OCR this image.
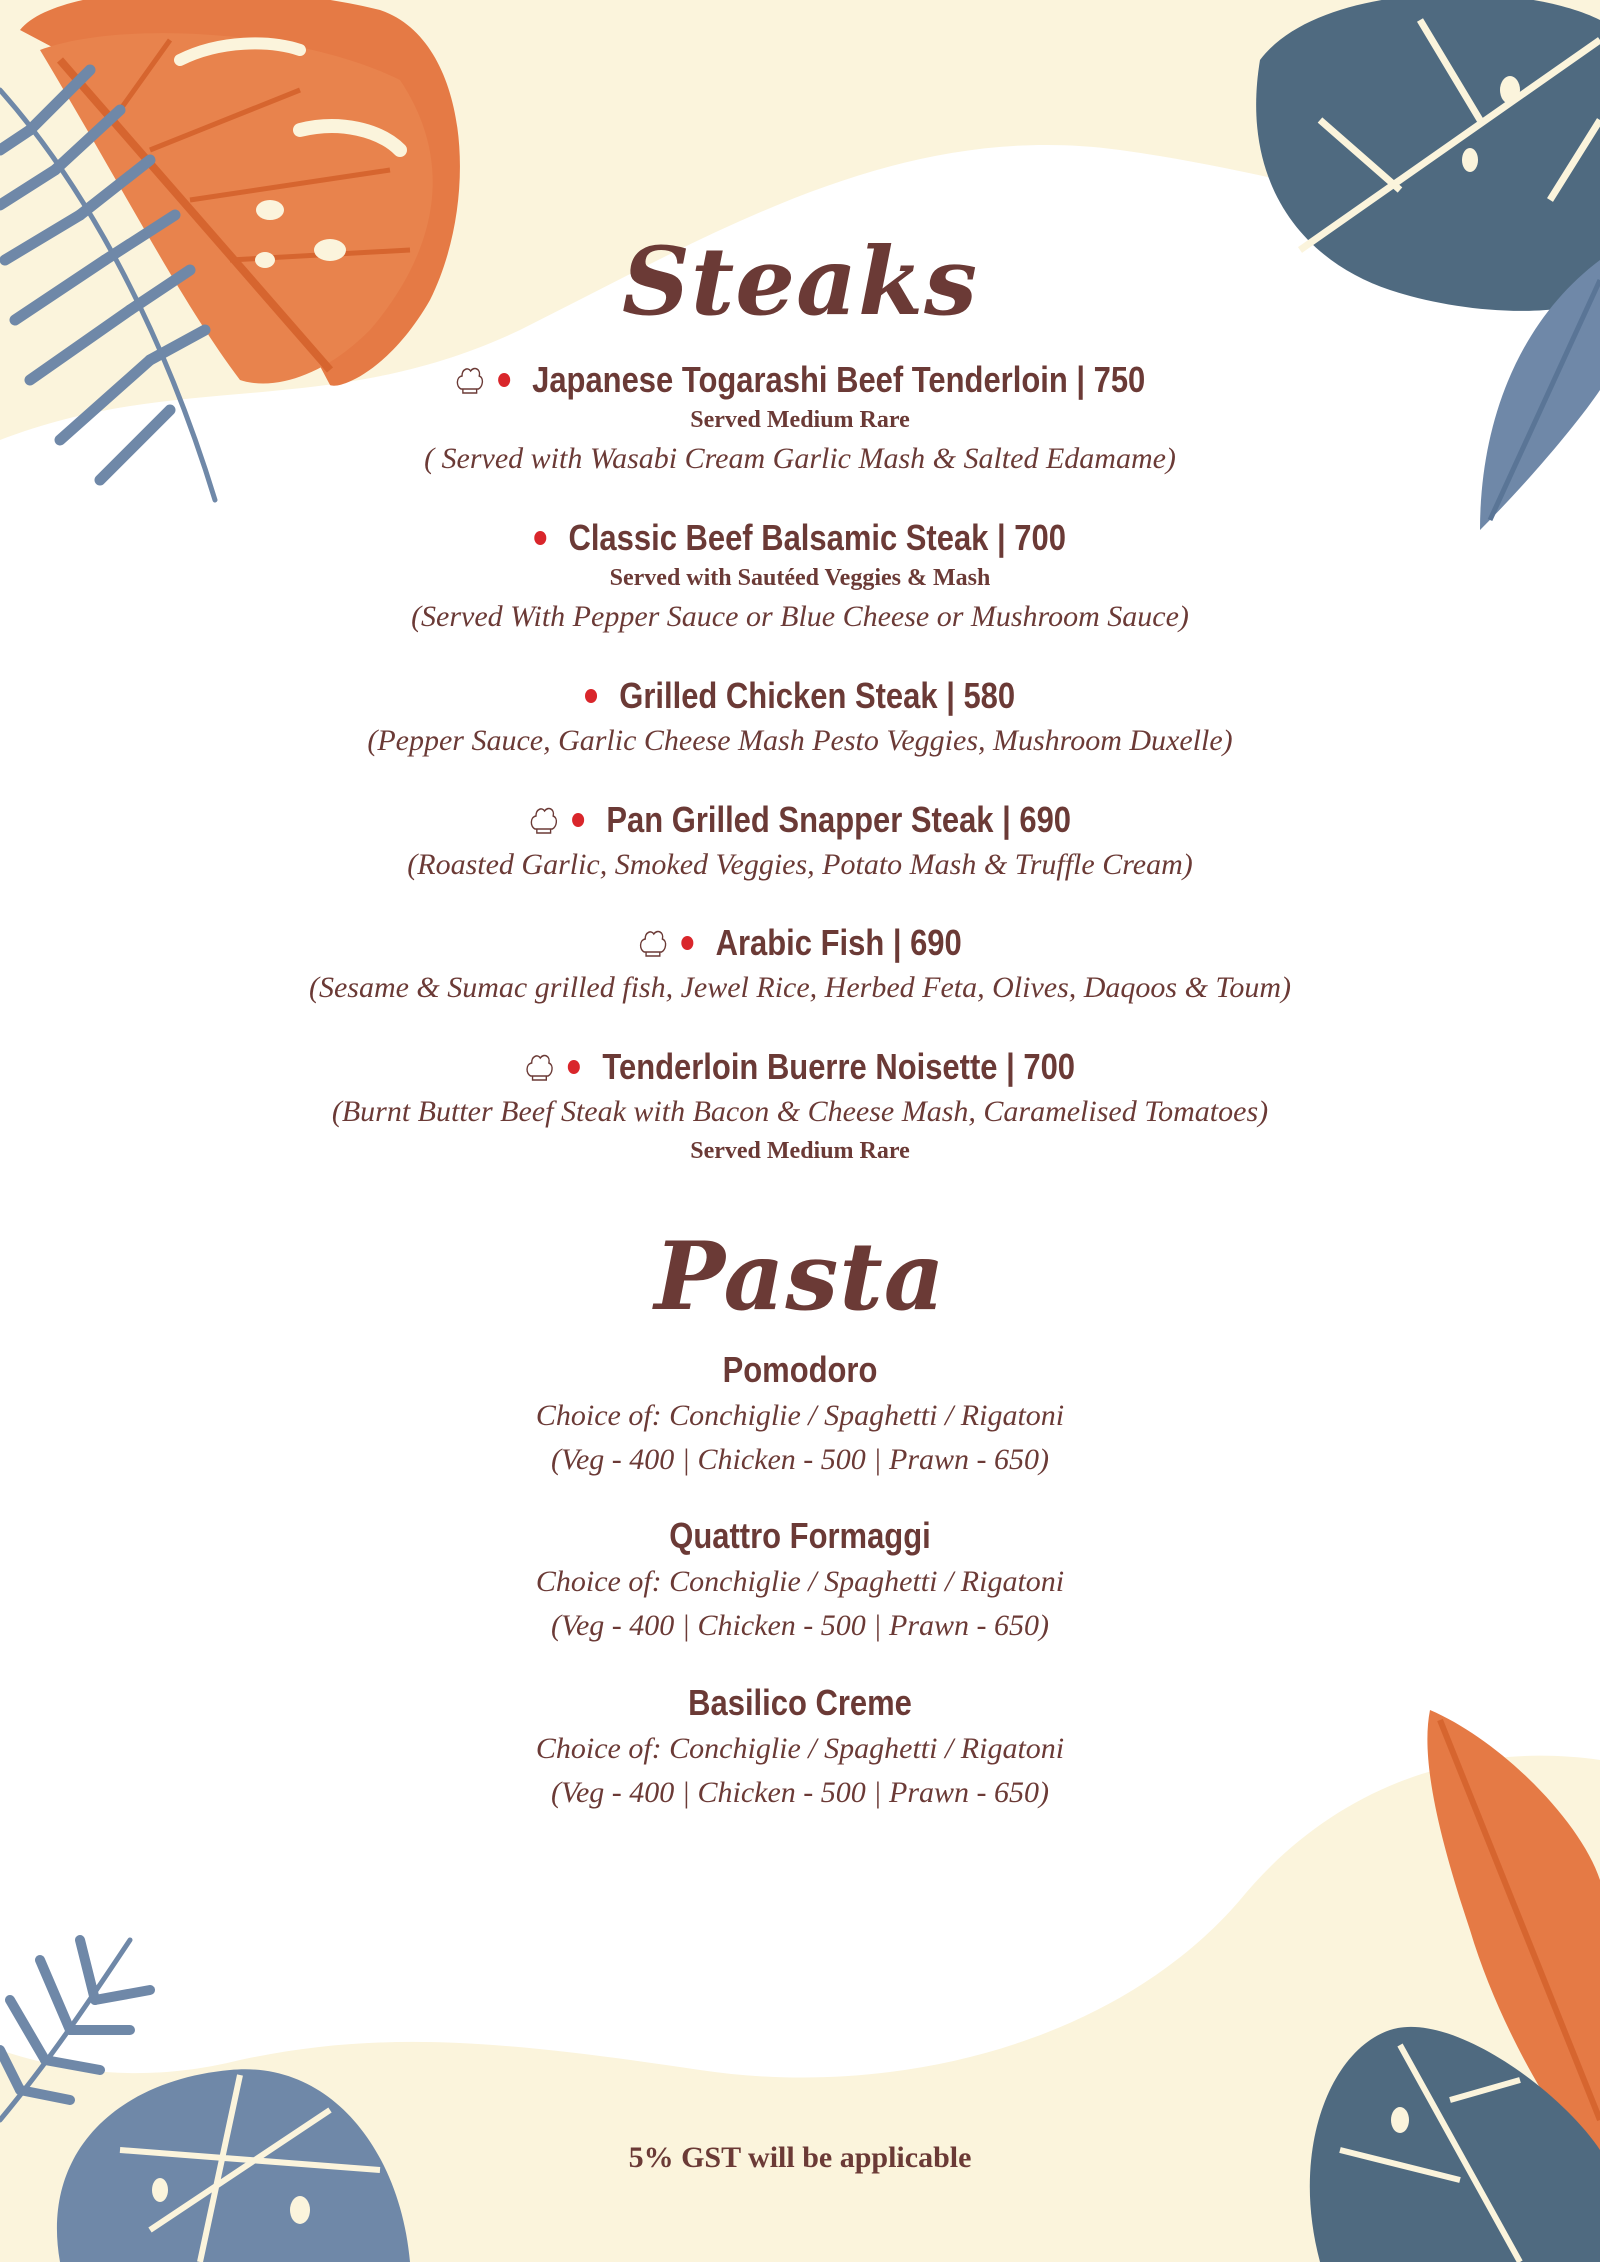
Steaks
Japanese Togarashi Beef Tenderloin | 750
Served Medium Rare
( Served with Wasabi Cream Garlic Mash & Salted Edamame)
Classic Beef Balsamic Steak | 700
Served with Sautéed Veggies & Mash
(Served With Pepper Sauce or Blue Cheese or Mushroom Sauce)
Grilled Chicken Steak | 580
(Pepper Sauce, Garlic Cheese Mash Pesto Veggies, Mushroom Duxelle)
Pan Grilled Snapper Steak | 690
(Roasted Garlic, Smoked Veggies, Potato Mash & Truffle Cream)
Arabic Fish | 690
(Sesame & Sumac grilled fish, Jewel Rice, Herbed Feta, Olives, Daqoos & Toum)
Tenderloin Buerre Noisette | 700
(Burnt Butter Beef Steak with Bacon & Cheese Mash, Caramelised Tomatoes)
Served Medium Rare
Pasta
Pomodoro
Choice of: Conchiglie / Spaghetti / Rigatoni
(Veg - 400 | Chicken - 500 | Prawn - 650)
Quattro Formaggi
Choice of: Conchiglie / Spaghetti / Rigatoni
(Veg - 400 | Chicken - 500 | Prawn - 650)
Basilico Creme
Choice of: Conchiglie / Spaghetti / Rigatoni
(Veg - 400 | Chicken - 500 | Prawn - 650)
5% GST will be applicable
